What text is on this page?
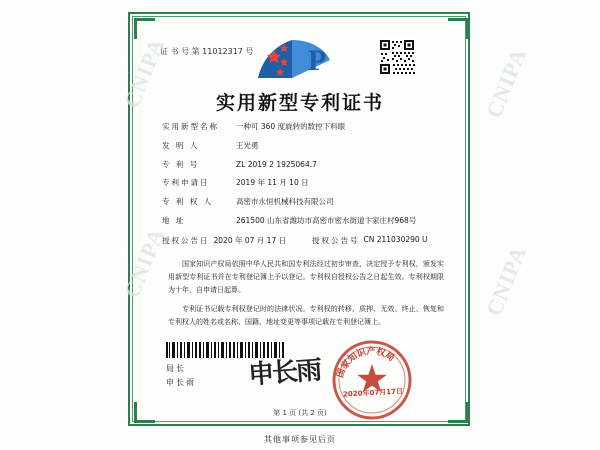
CNIPA
CNIPA
CNIPA
CNIPA
证 书 号 第 11012317 号 P
实用新型专利证书
实用新型名称	一种可 360 度旋转的数控下料眼
发 明 人	王光勇
专 利 号	ZL 2019 2 1925064.7
专利申请日	2019 年 11 月 10 日
专 利 权 人	高密市永恒机械科技有限公司
地 址	261500 山东省潍坊市高密市密水街道卞家庄村968号
授权公告日 2020 年 07 月 17 日	授权公告号 CN 211030290 U

国家知识产权局依照中华人民共和国专利法经过初步审查，决定授予专利权，颁发实用新型专利证书并在专利登记簿上予以登记。专利权自授权公告之日起生效。专利权期限为十年，自申请日起算。

专利证书记载专利权登记时的法律状况。专利权的转移、质押、无效、终止、恢复和专利权人的姓名或名称、国籍、地址变更等事项记载在专利登记簿上。

局长
申长雨 申长雨 国家知识产权局
2020年07月17日
第 1 页 (共 2 页)
其他事项参见后页
